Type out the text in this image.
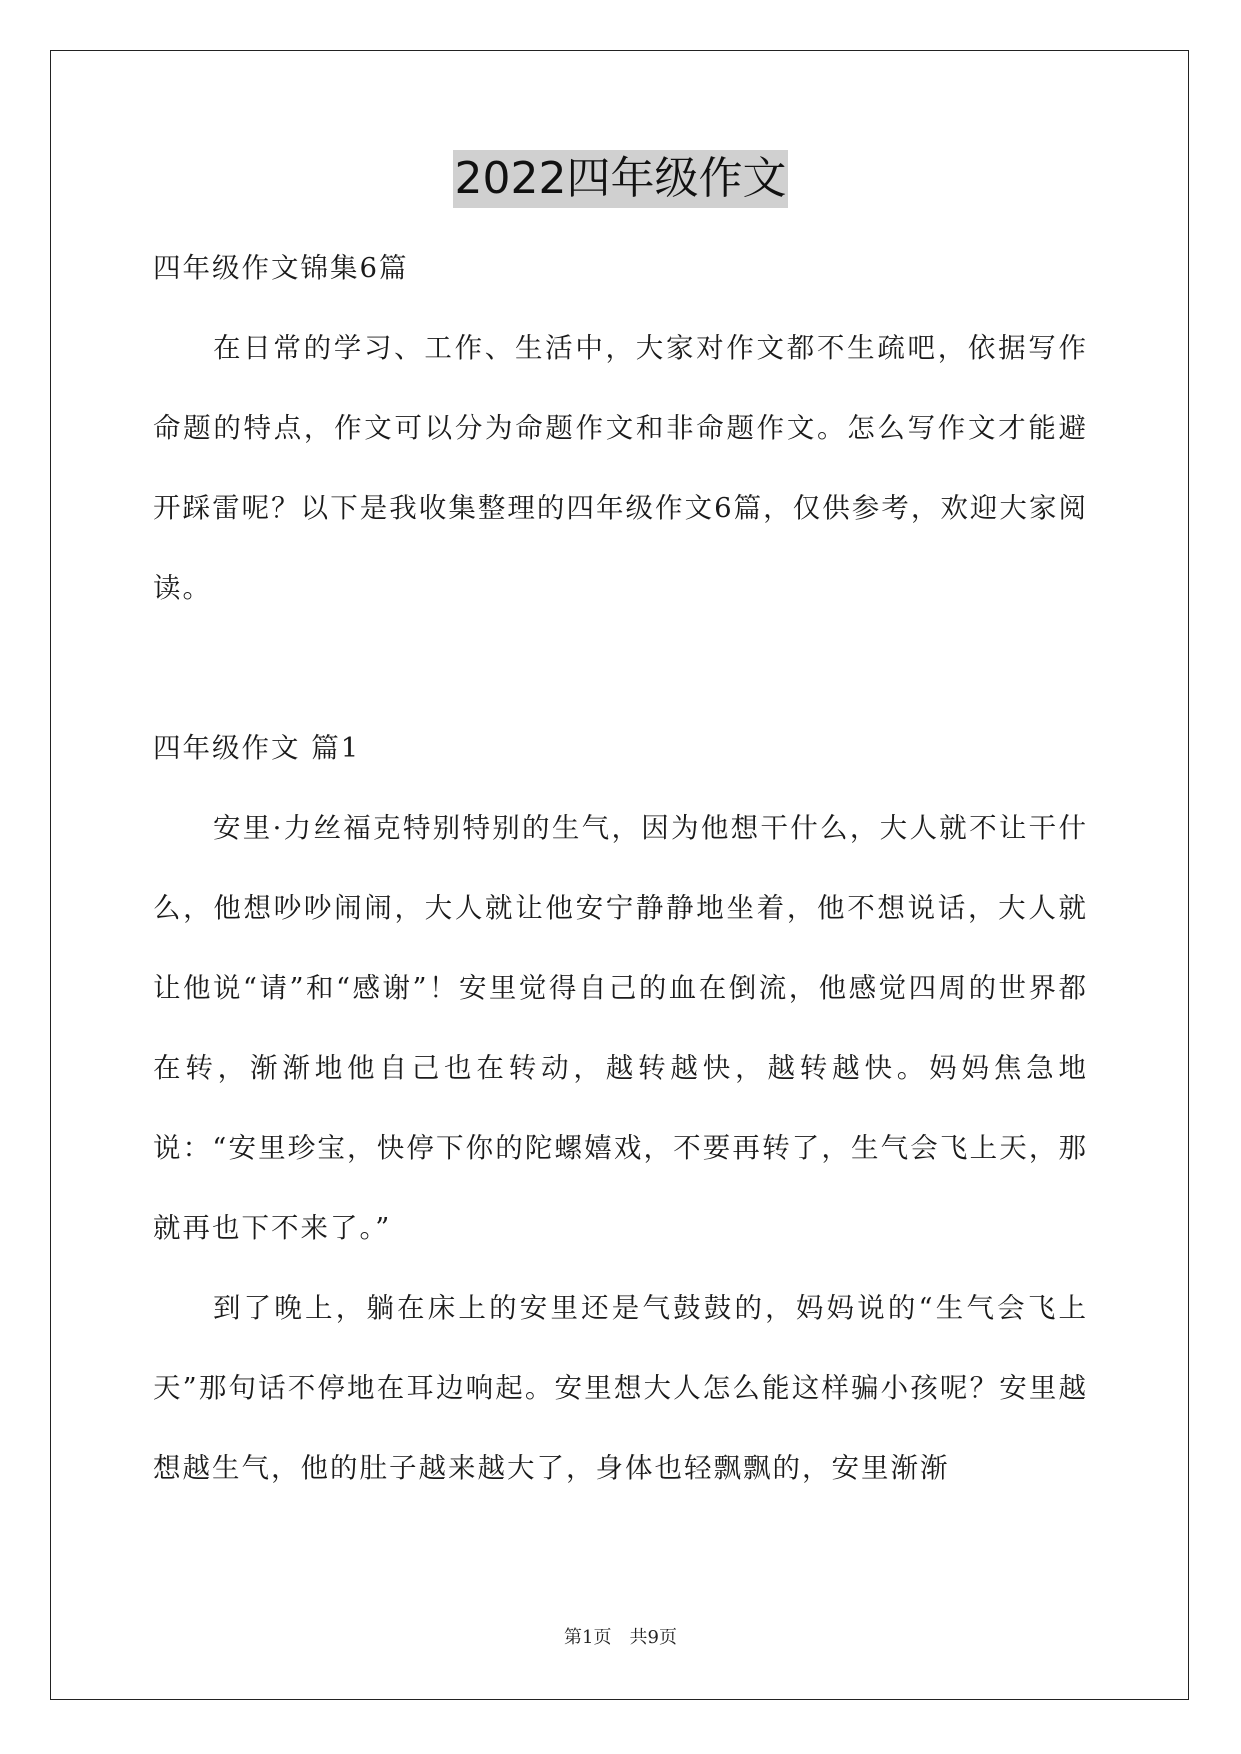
2022四年级作文

四年级作文锦集6篇

在日常的学习、工作、生活中，大家对作文都不生疏吧，依据写作命题的特点，作文可以分为命题作文和非命题作文。怎么写作文才能避开踩雷呢？以下是我收集整理的四年级作文6篇，仅供参考，欢迎大家阅读。

四年级作文 篇1

安里·力丝福克特别特别的生气，因为他想干什么，大人就不让干什么，他想吵吵闹闹，大人就让他安宁静静地坐着，他不想说话，大人就让他说“请”和“感谢”！安里觉得自己的血在倒流，他感觉四周的世界都在转，渐渐地他自己也在转动，越转越快，越转越快。妈妈焦急地说：“安里珍宝，快停下你的陀螺嬉戏，不要再转了，生气会飞上天，那就再也下不来了。”

到了晚上，躺在床上的安里还是气鼓鼓的，妈妈说的“生气会飞上天”那句话不停地在耳边响起。安里想大人怎么能这样骗小孩呢？安里越想越生气，他的肚子越来越大了，身体也轻飘飘的，安里渐渐

第1页　共9页
